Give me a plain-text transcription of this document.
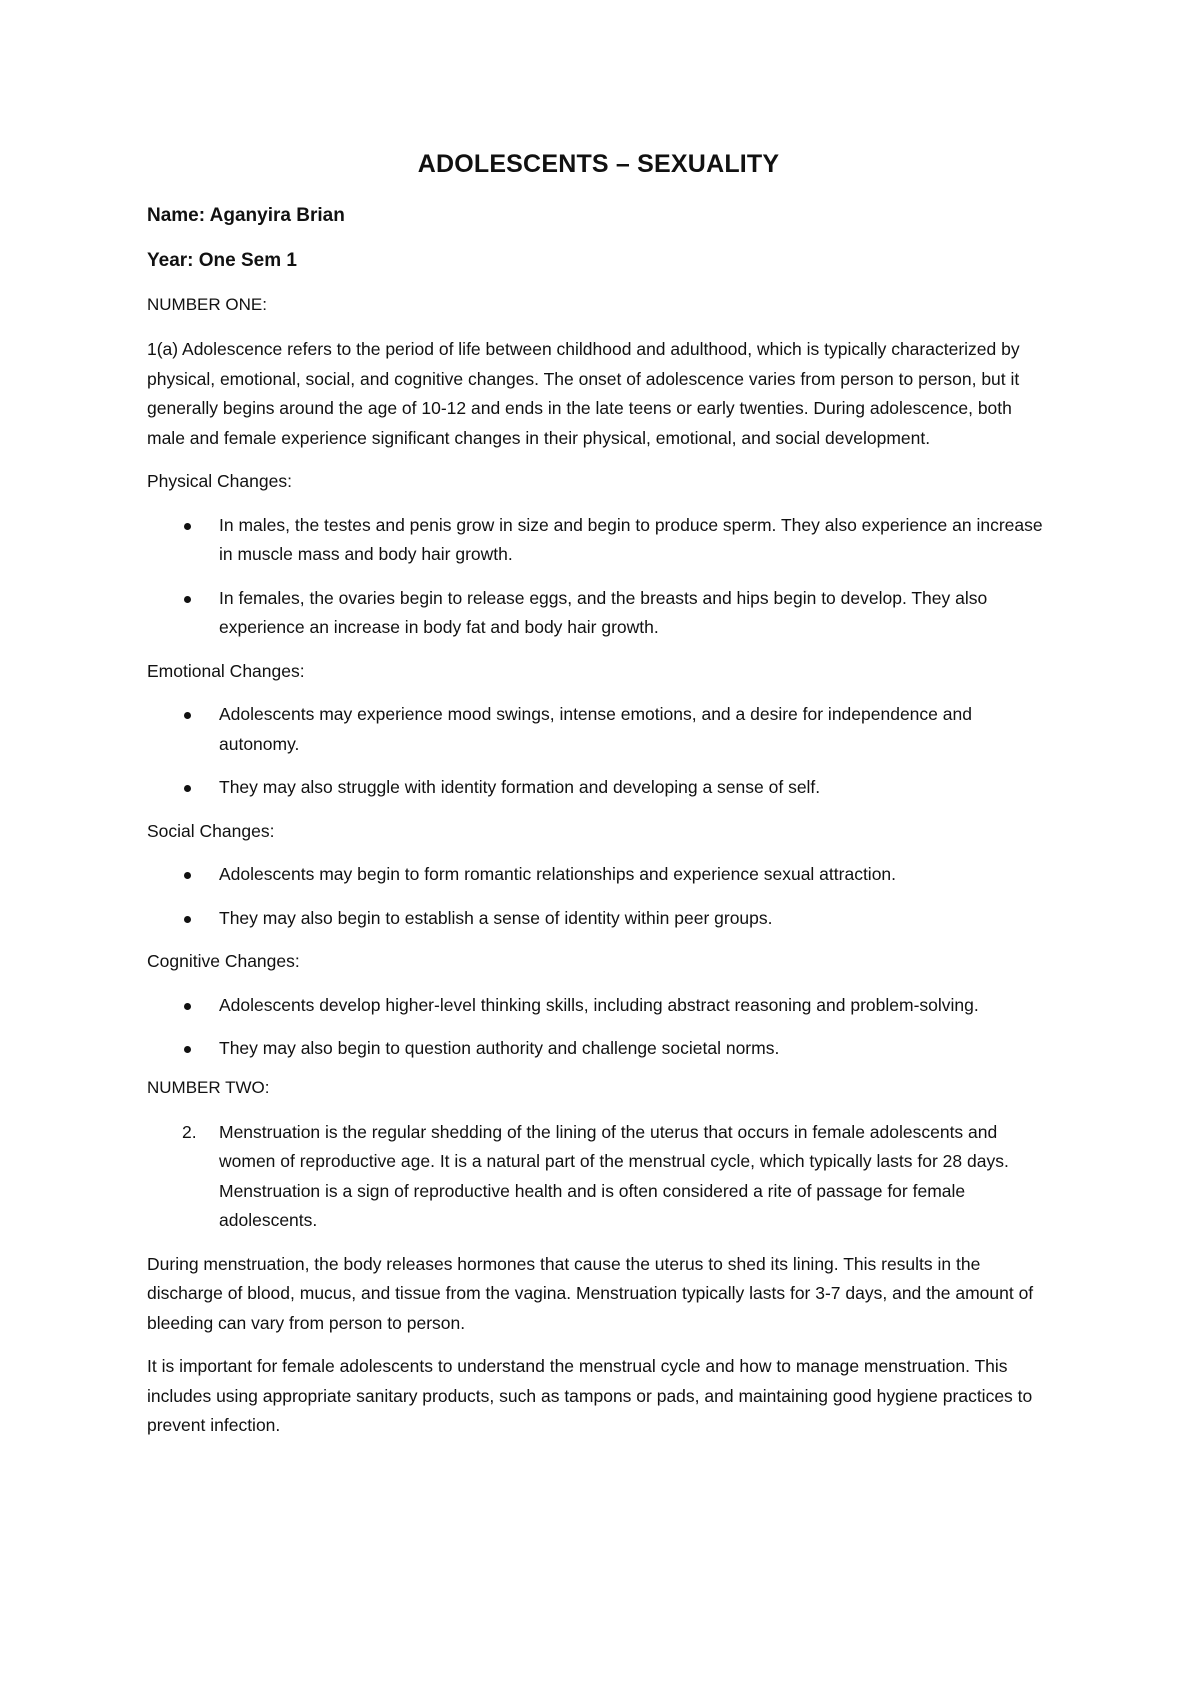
ADOLESCENTS – SEXUALITY
Name: Aganyira Brian
Year: One Sem 1
NUMBER ONE:

1(a) Adolescence refers to the period of life between childhood and adulthood, which is typically characterized by physical, emotional, social, and cognitive changes. The onset of adolescence varies from person to person, but it generally begins around the age of 10-12 and ends in the late teens or early twenties. During adolescence, both male and female experience significant changes in their physical, emotional, and social development.

Physical Changes:

In males, the testes and penis grow in size and begin to produce sperm. They also experience an increase in muscle mass and body hair growth.
In females, the ovaries begin to release eggs, and the breasts and hips begin to develop. They also experience an increase in body fat and body hair growth.

Emotional Changes:

Adolescents may experience mood swings, intense emotions, and a desire for independence and autonomy.
They may also struggle with identity formation and developing a sense of self.

Social Changes:

Adolescents may begin to form romantic relationships and experience sexual attraction.
They may also begin to establish a sense of identity within peer groups.

Cognitive Changes:

Adolescents develop higher-level thinking skills, including abstract reasoning and problem-solving.
They may also begin to question authority and challenge societal norms.
NUMBER TWO:
2. Menstruation is the regular shedding of the lining of the uterus that occurs in female adolescents and women of reproductive age. It is a natural part of the menstrual cycle, which typically lasts for 28 days. Menstruation is a sign of reproductive health and is often considered a rite of passage for female adolescents.

During menstruation, the body releases hormones that cause the uterus to shed its lining. This results in the discharge of blood, mucus, and tissue from the vagina. Menstruation typically lasts for 3-7 days, and the amount of bleeding can vary from person to person.

It is important for female adolescents to understand the menstrual cycle and how to manage menstruation. This includes using appropriate sanitary products, such as tampons or pads, and maintaining good hygiene practices to prevent infection.
